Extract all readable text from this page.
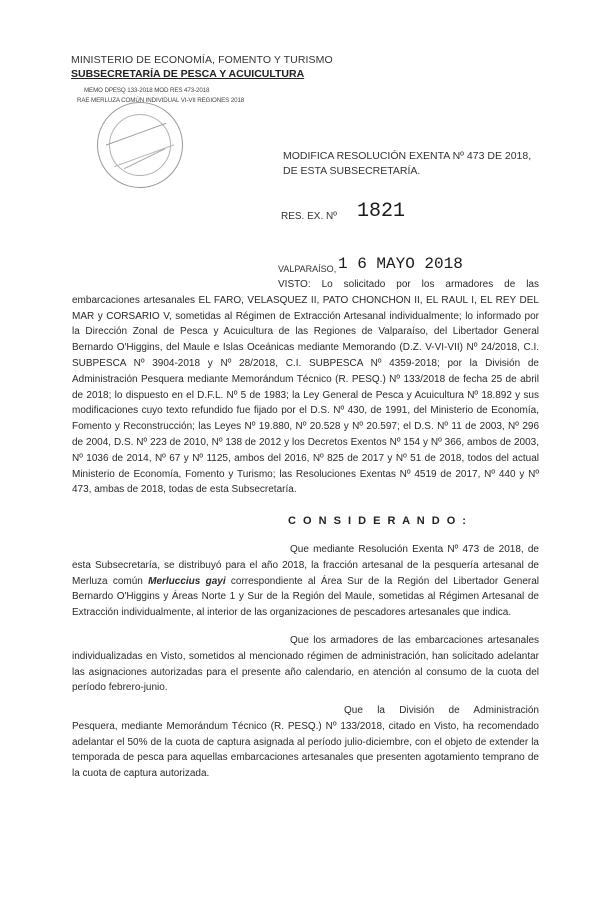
MINISTERIO DE ECONOMÍA, FOMENTO Y TURISMO
SUBSECRETARÍA DE PESCA Y ACUICULTURA
MEMO DPESQ 133-2018 MOD RES 473-2018
RAE MERLUZA COMÚN INDIVIDUAL VI-VII REGIONES 2018
MODIFICA RESOLUCIÓN EXENTA Nº 473 DE 2018, DE ESTA SUBSECRETARÍA.
RES. EX. Nº 1821
VALPARAÍSO, 1 6 MAYO 2018

VISTO: Lo solicitado por los armadores de las embarcaciones artesanales EL FARO, VELASQUEZ II, PATO CHONCHON II, EL RAUL I, EL REY DEL MAR y CORSARIO V, sometidas al Régimen de Extracción Artesanal individualmente; lo informado por la Dirección Zonal de Pesca y Acuicultura de las Regiones de Valparaíso, del Libertador General Bernardo O'Higgins, del Maule e Islas Oceánicas mediante Memorando (D.Z. V-VI-VII) Nº 24/2018, C.I. SUBPESCA Nº 3904-2018 y Nº 28/2018, C.I. SUBPESCA Nº 4359-2018; por la División de Administración Pesquera mediante Memorándum Técnico (R. PESQ.) Nº 133/2018 de fecha 25 de abril de 2018; lo dispuesto en el D.F.L. Nº 5 de 1983; la Ley General de Pesca y Acuicultura Nº 18.892 y sus modificaciones cuyo texto refundido fue fijado por el D.S. Nº 430, de 1991, del Ministerio de Economía, Fomento y Reconstrucción; las Leyes Nº 19.880, Nº 20.528 y Nº 20.597; el D.S. Nº 11 de 2003, Nº 296 de 2004, D.S. Nº 223 de 2010, Nº 138 de 2012 y los Decretos Exentos Nº 154 y Nº 366, ambos de 2003, Nº 1036 de 2014, Nº 67 y Nº 1125, ambos del 2016, Nº 825 de 2017 y Nº 51 de 2018, todos del actual Ministerio de Economía, Fomento y Turismo; las Resoluciones Exentas Nº 4519 de 2017, Nº 440 y Nº 473, ambas de 2018, todas de esta Subsecretaría.

C O N S I D E R A N D O :

Que mediante Resolución Exenta Nº 473 de 2018, de esta Subsecretaría, se distribuyó para el año 2018, la fracción artesanal de la pesquería artesanal de Merluza común Merluccius gayi correspondiente al Área Sur de la Región del Libertador General Bernardo O'Higgins y Áreas Norte 1 y Sur de la Región del Maule, sometidas al Régimen Artesanal de Extracción individualmente, al interior de las organizaciones de pescadores artesanales que indica.

Que los armadores de las embarcaciones artesanales individualizadas en Visto, sometidos al mencionado régimen de administración, han solicitado adelantar las asignaciones autorizadas para el presente año calendario, en atención al consumo de la cuota del período febrero-junio.

Que la División de Administración Pesquera, mediante Memorándum Técnico (R. PESQ.) Nº 133/2018, citado en Visto, ha recomendado adelantar el 50% de la cuota de captura asignada al período julio-diciembre, con el objeto de extender la temporada de pesca para aquellas embarcaciones artesanales que presenten agotamiento temprano de la cuota de captura autorizada.
